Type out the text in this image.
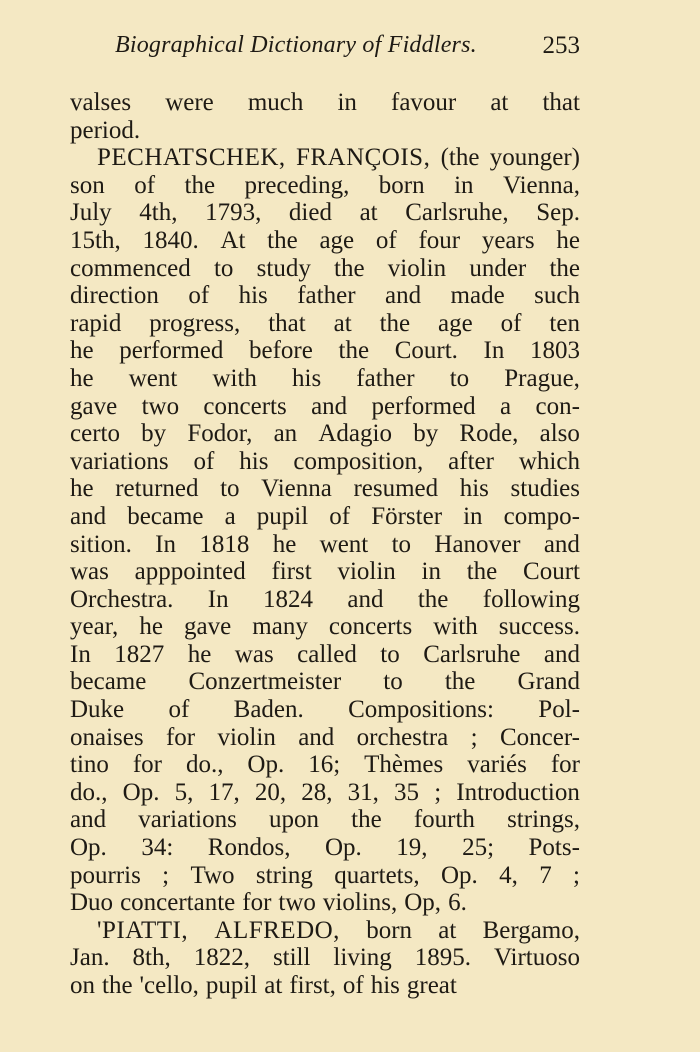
Biographical Dictionary of Fiddlers.	253
valses were much in favour at that
period.
PECHATSCHEK, FRANÇOIS, (the younger)
son of the preceding, born in Vienna,
July 4th, 1793, died at Carlsruhe, Sep.
15th, 1840. At the age of four years he
commenced to study the violin under the
direction of his father and made such
rapid progress, that at the age of ten
he performed before the Court. In 1803
he went with his father to Prague,
gave two concerts and performed a con-
certo by Fodor, an Adagio by Rode, also
variations of his composition, after which
he returned to Vienna resumed his studies
and became a pupil of Förster in compo-
sition. In 1818 he went to Hanover and
was apppointed first violin in the Court
Orchestra. In 1824 and the following
year, he gave many concerts with success.
In 1827 he was called to Carlsruhe and
became Conzertmeister to the Grand
Duke of Baden. Compositions: Pol-
onaises for violin and orchestra ; Concer-
tino for do., Op. 16; Thèmes variés for
do., Op. 5, 17, 20, 28, 31, 35 ; Introduction
and variations upon the fourth strings,
Op. 34: Rondos, Op. 19, 25; Pots-
pourris ; Two string quartets, Op. 4, 7 ;
Duo concertante for two violins, Op, 6.
'PIATTI, ALFREDO, born at Bergamo,
Jan. 8th, 1822, still living 1895. Virtuoso
on the 'cello, pupil at first, of his great
